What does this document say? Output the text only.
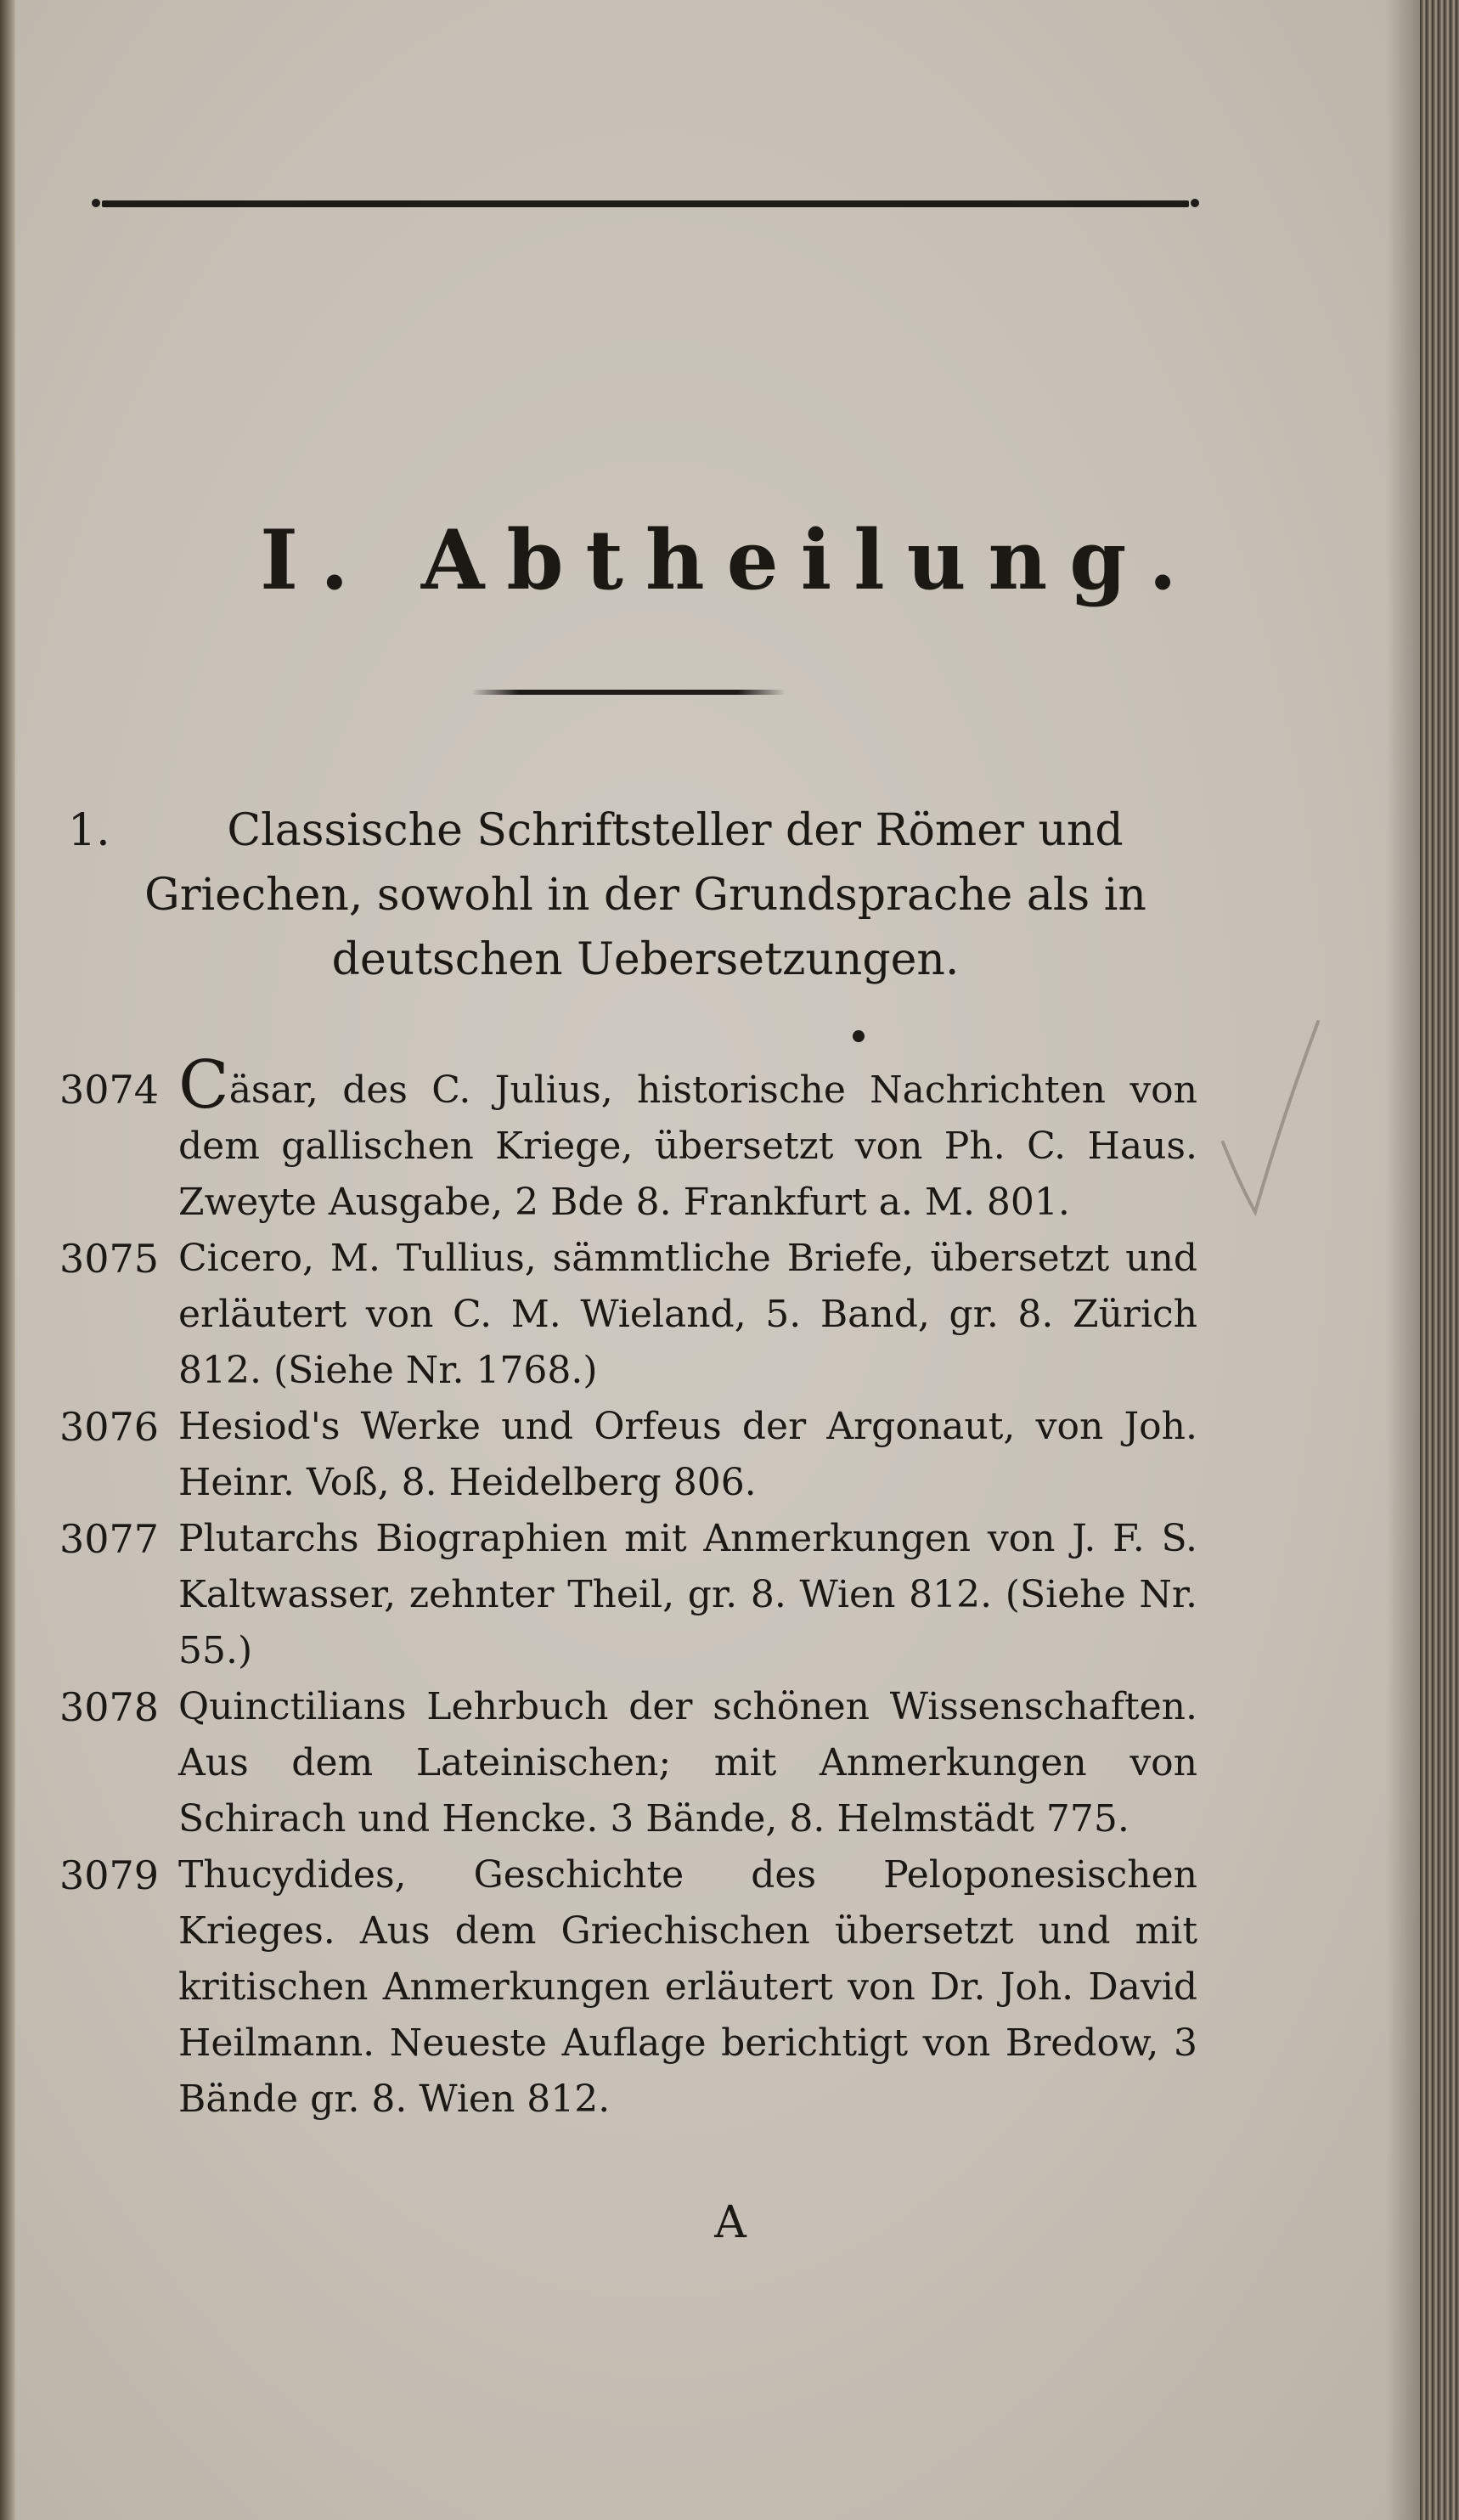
I. Abtheilung.
1.	Classische Schriftsteller der Römer und Griechen, sowohl in der Grundsprache als in deutschen Uebersetzungen.
3074 Cäsar, des C. Julius, historische Nachrichten von dem gallischen Kriege, übersetzt von Ph. C. Haus. Zweyte Ausgabe, 2 Bde 8. Frankfurt a. M. 801.
3075 Cicero, M. Tullius, sämmtliche Briefe, übersetzt und erläutert von C. M. Wieland, 5. Band, gr. 8. Zürich 812. (Siehe Nr. 1768.)
3076 Hesiod's Werke und Orfeus der Argonaut, von Joh. Heinr. Voß, 8. Heidelberg 806.
3077 Plutarchs Biographien mit Anmerkungen von J. F. S. Kaltwasser, zehnter Theil, gr. 8. Wien 812. (Siehe Nr. 55.)
3078 Quinctilians Lehrbuch der schönen Wissenschaften. Aus dem Lateinischen; mit Anmerkungen von Schirach und Hencke. 3 Bände, 8. Helmstädt 775.
3079 Thucydides, Geschichte des Peloponesischen Krieges. Aus dem Griechischen übersetzt und mit kritischen Anmerkungen erläutert von Dr. Joh. David Heilmann. Neueste Auflage berichtigt von Bredow, 3 Bände gr. 8. Wien 812.
A
